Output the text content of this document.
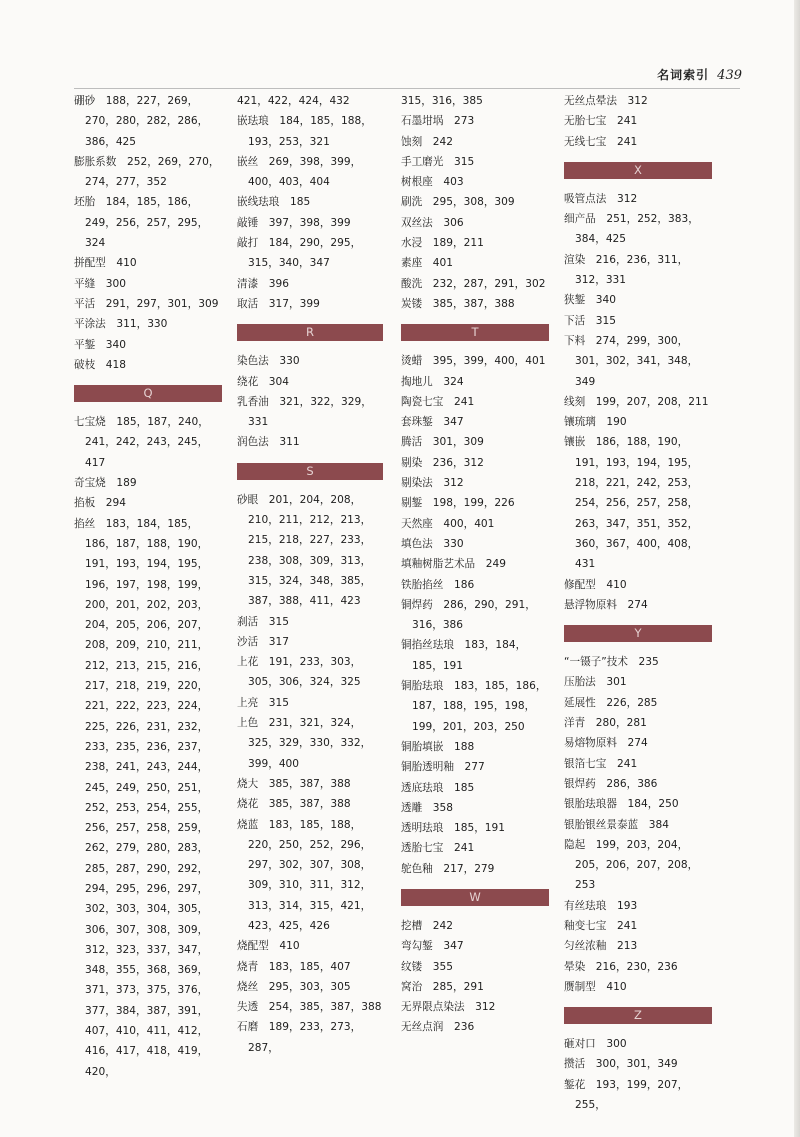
名词索引 439
硼砂　188，227，269，270，280，282，286，386，425
膨胀系数　252，269，270，274，277，352
坯胎　184，185，186，249，256，257，295，324
拼配型　410
平缝　300
平活　291，297，301，309
平涂法　311，330
平錾　340
破枝　418
Q
七宝烧　185，187，240，241，242，243，245，417
奇宝烧　189
掐板　294
掐丝　183，184，185，186，187，188，190，191，193，194，195，196，197，198，199，200，201，202，203，204，205，206，207，208，209，210，211，212，213，215，216，217，218，219，220，221，222，223，224，225，226，231，232，233，235，236，237，238，241，243，244，245，249，250，251，252，253，254，255，256，257，258，259，262，279，280，283，285，287，290，292，294，295，296，297，302，303，304，305，306，307，308，309，312，323，337，347，348，355，368，369，371，373，375，376，377，384，387，391，407，410，411，412，416，417，418，419，420，
421，422，424，432
嵌珐琅　184，185，188，193，253，321
嵌丝　269，398，399，400，403，404
嵌线珐琅　185
敲锤　397，398，399
敲打　184，290，295，315，340，347
清漆　396
取活　317，399
R
染色法　330
绕花　304
乳香油　321，322，329，331
润色法　311
S
砂眼　201，204，208，210，211，212，213，215，218，227，233，238，308，309，313，315，324，348，385，387，388，411，423
刹活　315
沙活　317
上花　191，233，303，305，306，324，325
上亮　315
上色　231，321，324，325，329，330，332，399，400
烧大　385，387，388
烧花　385，387，388
烧蓝　183，185，188，220，250，252，296，297，302，307，308，309，310，311，312，313，314，315，421，423，425，426
烧配型　410
烧青　183，185，407
烧丝　295，303，305
失透　254，385，387，388
石磨　189，233，273，287，
315，316，385
石墨坩埚　273
蚀刻　242
手工磨光　315
树根座　403
刷洗　295，308，309
双丝法　306
水浸　189，211
素座　401
酸洗　232，287，291，302
炭镂　385，387，388
T
烫蜡　395，399，400，401
掏地儿　324
陶瓷七宝　241
套珠錾　347
腾活　301，309
剔染　236，312
剔染法　312
剔錾　198，199，226
天然座　400，401
填色法　330
填釉树脂艺术品　249
铁胎掐丝　186
铜焊药　286，290，291，316，386
铜掐丝珐琅　183，184，185，191
铜胎珐琅　183，185，186，187，188，195，198，199，201，203，250
铜胎填嵌　188
铜胎透明釉　277
透底珐琅　185
透雕　358
透明珐琅　185，191
透胎七宝　241
鸵色釉　217，279
W
挖槽　242
弯勾錾　347
纹镂　355
窝治　285，291
无界限点染法　312
无丝点润　236
无丝点晕法　312
无胎七宝　241
无线七宝　241
X
吸管点法　312
细产品　251，252，383，384，425
渲染　216，236，311，312，331
狭錾　340
下活　315
下料　274，299，300，301，302，341，348，349
线刻　199，207，208，211
镶琉璃　190
镶嵌　186，188，190，191，193，194，195，218，221，242，253，254，256，257，258，263，347，351，352，360，367，400，408，431
修配型　410
悬浮物原料　274
Y
“一镊子”技术　235
压胎法　301
延展性　226，285
洋青　280，281
易熔物原料　274
银箔七宝　241
银焊药　286，386
银胎珐琅器　184，250
银胎银丝景泰蓝　384
隐起　199，203，204，205，206，207，208，253
有丝珐琅　193
釉变七宝　241
匀丝浓釉　213
晕染　216，230，236
赝制型　410
Z
砸对口　300
攒活　300，301，349
錾花　193，199，207，255，
